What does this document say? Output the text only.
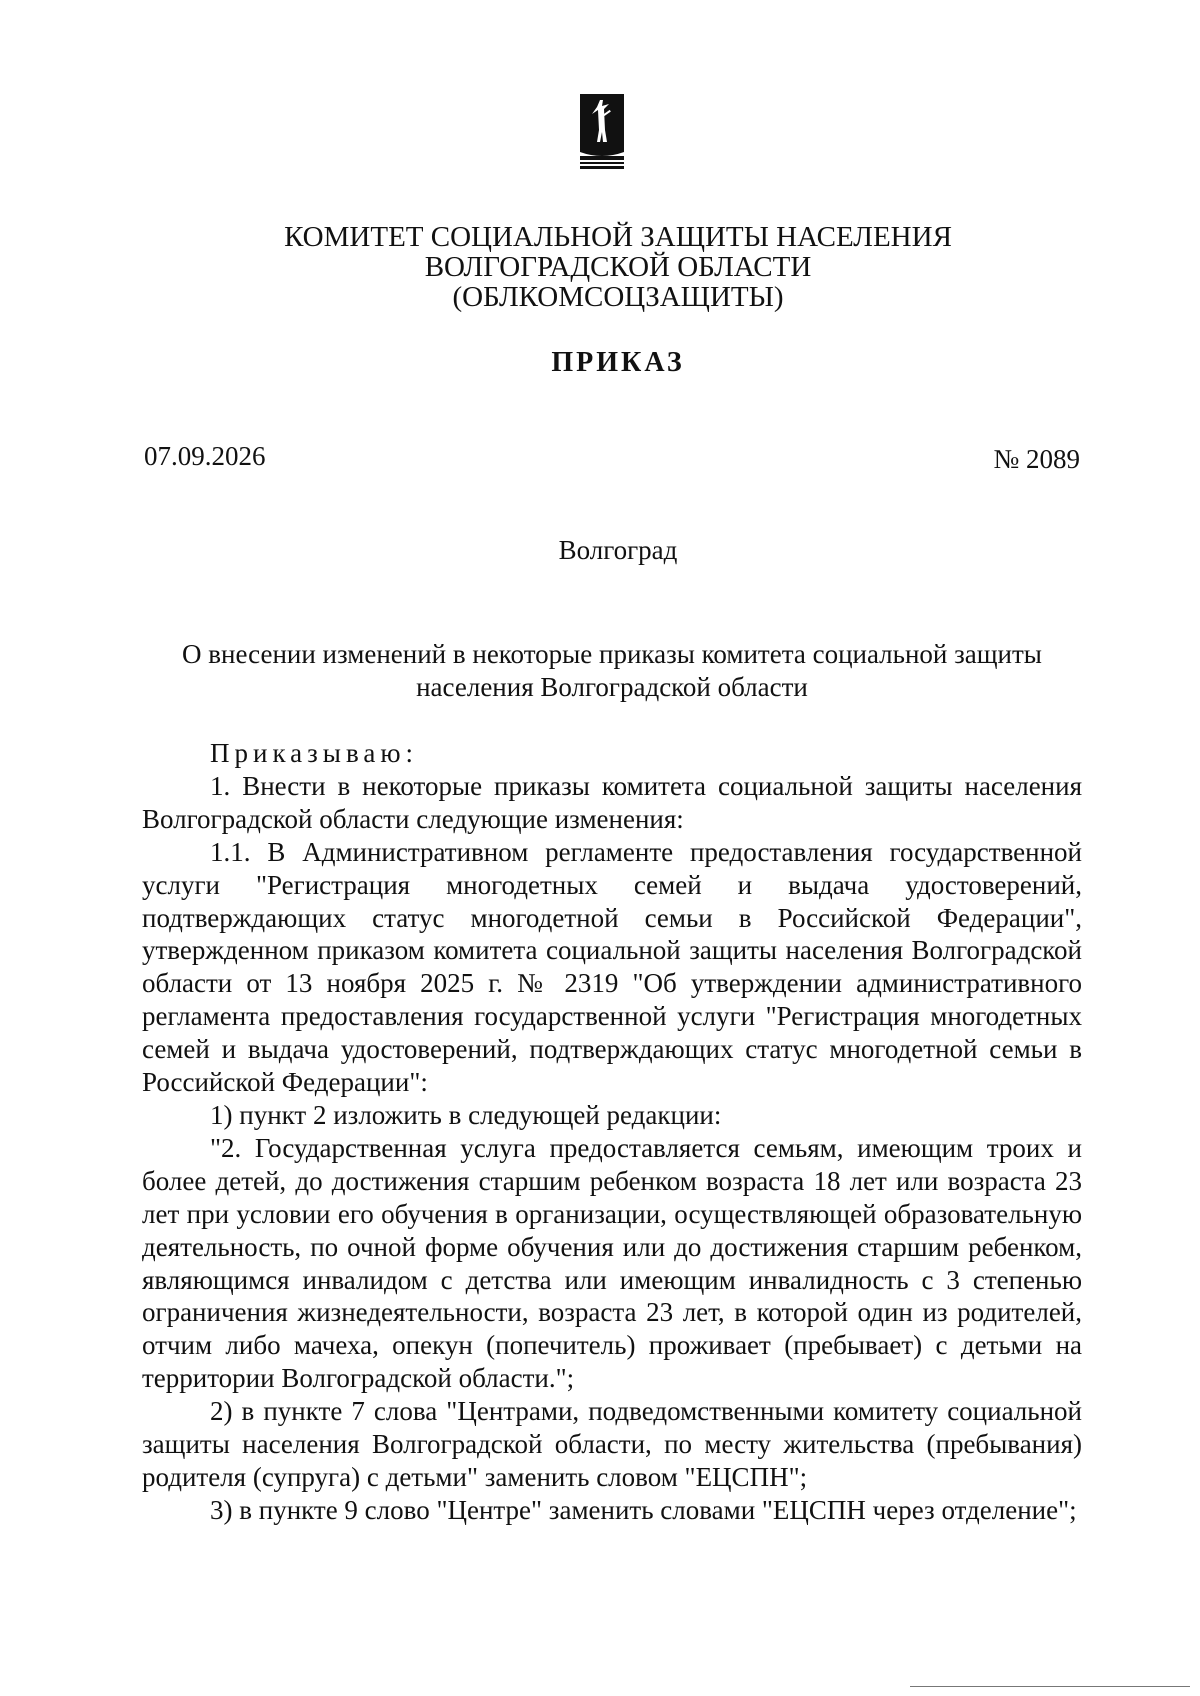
КОМИТЕТ СОЦИАЛЬНОЙ ЗАЩИТЫ НАСЕЛЕНИЯ
ВОЛГОГРАДСКОЙ ОБЛАСТИ
(ОБЛКОМСОЦЗАЩИТЫ)
ПРИКАЗ
07.09.2026	№ 2089
Волгоград
О внесении изменений в некоторые приказы комитета социальной защиты
населения Волгоградской области

Приказываю:

1. Внести в некоторые приказы комитета социальной защиты населения Волгоградской области следующие изменения:

1.1. В Административном регламенте предоставления государственной услуги "Регистрация многодетных семей и выдача удостоверений, подтверждающих статус многодетной семьи в Российской Федерации", утвержденном приказом комитета социальной защиты населения Волгоградской области от 13 ноября 2025 г. № 2319 "Об утверждении административного регламента предоставления государственной услуги "Регистрация многодетных семей и выдача удостоверений, подтверждающих статус многодетной семьи в Российской Федерации":

1) пункт 2 изложить в следующей редакции:

"2. Государственная услуга предоставляется семьям, имеющим троих и более детей, до достижения старшим ребенком возраста 18 лет или возраста 23 лет при условии его обучения в организации, осуществляющей образовательную деятельность, по очной форме обучения или до достижения старшим ребенком, являющимся инвалидом с детства или имеющим инвалидность с 3 степенью ограничения жизнедеятельности, возраста 23 лет, в которой один из родителей, отчим либо мачеха, опекун (попечитель) проживает (пребывает) с детьми на территории Волгоградской области.";

2) в пункте 7 слова "Центрами, подведомственными комитету социальной защиты населения Волгоградской области, по месту жительства (пребывания) родителя (супруга) с детьми" заменить словом "ЕЦСПН";

3) в пункте 9 слово "Центре" заменить словами "ЕЦСПН через отделение";
